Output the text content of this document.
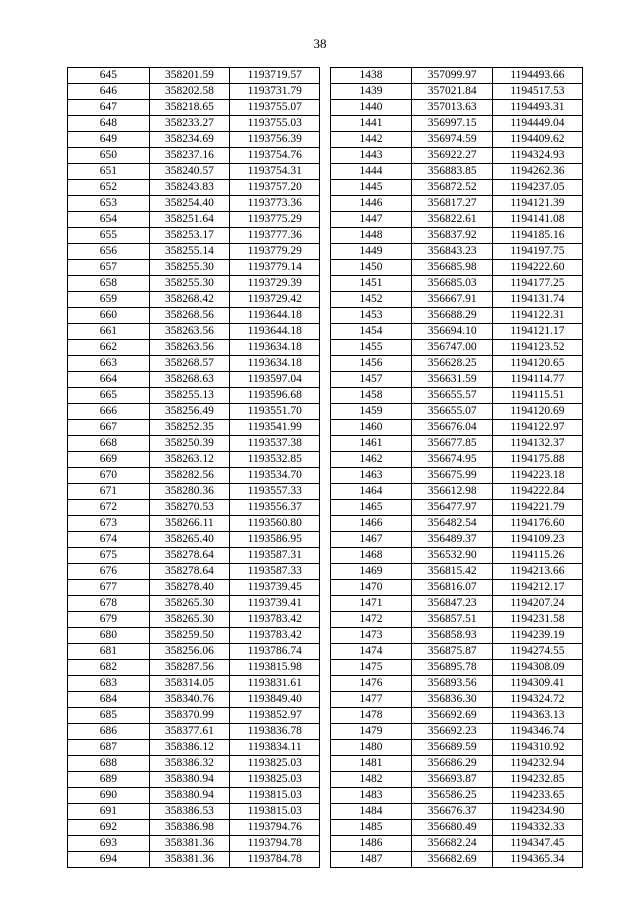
38
645	358201.59	1193719.57		1438	357099.97	1194493.66
646	358202.58	1193731.79		1439	357021.84	1194517.53
647	358218.65	1193755.07		1440	357013.63	1194493.31
648	358233.27	1193755.03		1441	356997.15	1194449.04
649	358234.69	1193756.39		1442	356974.59	1194409.62
650	358237.16	1193754.76		1443	356922.27	1194324.93
651	358240.57	1193754.31		1444	356883.85	1194262.36
652	358243.83	1193757.20		1445	356872.52	1194237.05
653	358254.40	1193773.36		1446	356817.27	1194121.39
654	358251.64	1193775.29		1447	356822.61	1194141.08
655	358253.17	1193777.36		1448	356837.92	1194185.16
656	358255.14	1193779.29		1449	356843.23	1194197.75
657	358255.30	1193779.14		1450	356685.98	1194222.60
658	358255.30	1193729.39		1451	356685.03	1194177.25
659	358268.42	1193729.42		1452	356667.91	1194131.74
660	358268.56	1193644.18		1453	356688.29	1194122.31
661	358263.56	1193644.18		1454	356694.10	1194121.17
662	358263.56	1193634.18		1455	356747.00	1194123.52
663	358268.57	1193634.18		1456	356628.25	1194120.65
664	358268.63	1193597.04		1457	356631.59	1194114.77
665	358255.13	1193596.68		1458	356655.57	1194115.51
666	358256.49	1193551.70		1459	356655.07	1194120.69
667	358252.35	1193541.99		1460	356676.04	1194122.97
668	358250.39	1193537.38		1461	356677.85	1194132.37
669	358263.12	1193532.85		1462	356674.95	1194175.88
670	358282.56	1193534.70		1463	356675.99	1194223.18
671	358280.36	1193557.33		1464	356612.98	1194222.84
672	358270.53	1193556.37		1465	356477.97	1194221.79
673	358266.11	1193560.80		1466	356482.54	1194176.60
674	358265.40	1193586.95		1467	356489.37	1194109.23
675	358278.64	1193587.31		1468	356532.90	1194115.26
676	358278.64	1193587.33		1469	356815.42	1194213.66
677	358278.40	1193739.45		1470	356816.07	1194212.17
678	358265.30	1193739.41		1471	356847.23	1194207.24
679	358265.30	1193783.42		1472	356857.51	1194231.58
680	358259.50	1193783.42		1473	356858.93	1194239.19
681	358256.06	1193786.74		1474	356875.87	1194274.55
682	358287.56	1193815.98		1475	356895.78	1194308.09
683	358314.05	1193831.61		1476	356893.56	1194309.41
684	358340.76	1193849.40		1477	356836.30	1194324.72
685	358370.99	1193852.97		1478	356692.69	1194363.13
686	358377.61	1193836.78		1479	356692.23	1194346.74
687	358386.12	1193834.11		1480	356689.59	1194310.92
688	358386.32	1193825.03		1481	356686.29	1194232.94
689	358380.94	1193825.03		1482	356693.87	1194232.85
690	358380.94	1193815.03		1483	356586.25	1194233.65
691	358386.53	1193815.03		1484	356676.37	1194234.90
692	358386.98	1193794.76		1485	356680.49	1194332.33
693	358381.36	1193794.78		1486	356682.24	1194347.45
694	358381.36	1193784.78		1487	356682.69	1194365.34
